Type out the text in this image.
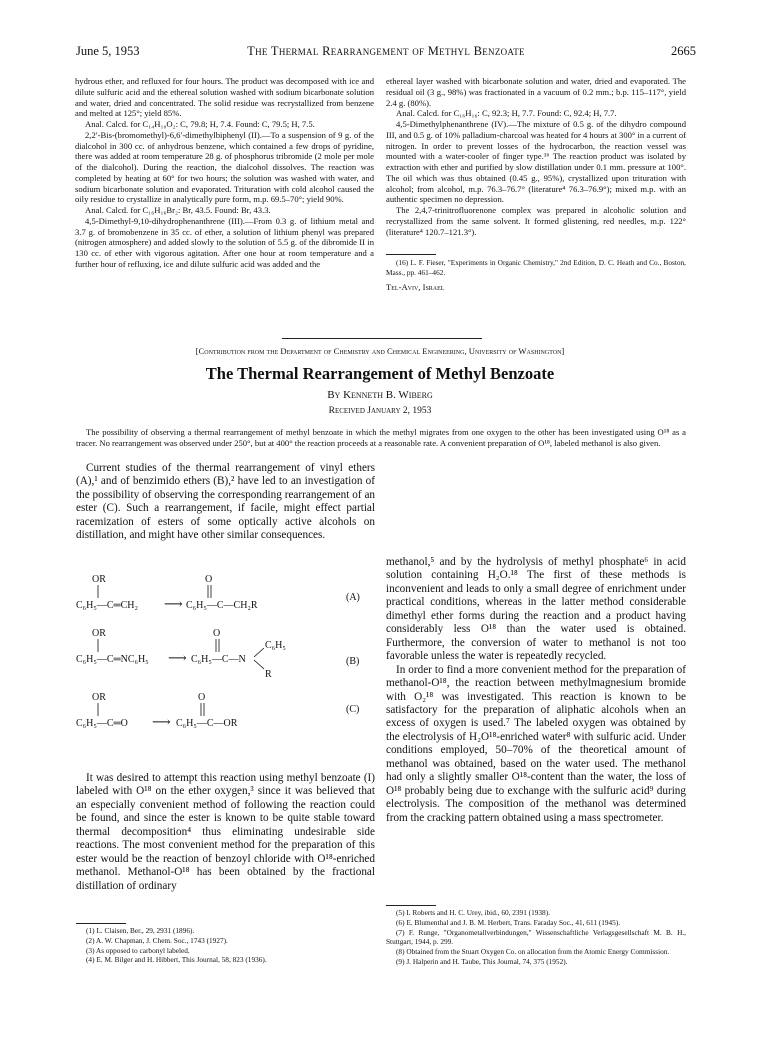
June 5, 1953	The Thermal Rearrangement of Methyl Benzoate	2665

hydrous ether, and refluxed for four hours. The product was decomposed with ice and dilute sulfuric acid and the ethereal solution washed with sodium bicarbonate solution and water, dried and concentrated. The solid residue was recrystallized from benzene and melted at 125°; yield 85%.

Anal. Calcd. for C₁₄H₁₀O₂: C, 79.8; H, 7.4. Found: C, 79.5; H, 7.5.

2,2′-Bis-(bromomethyl)-6,6′-dimethylbiphenyl (II).—To a suspension of 9 g. of the dialcohol in 300 cc. of anhydrous benzene, which contained a few drops of pyridine, there was added at room temperature 28 g. of phosphorus tribromide (2 mole per mole of the dialcohol). During the reaction, the dialcohol dissolves. The reaction was completed by heating at 60° for two hours; the solution was washed with water, and sodium bicarbonate solution and evaporated. Trituration with cold alcohol caused the oily residue to crystallize in analytically pure form, m.p. 69.5–70°; yield 90%.

Anal. Calcd. for C₁₆H₁₆Br₂: Br, 43.5. Found: Br, 43.3.

4,5-Dimethyl-9,10-dihydrophenanthrene (III).—From 0.3 g. of lithium metal and 3.7 g. of bromobenzene in 35 cc. of ether, a solution of lithium phenyl was prepared (nitrogen atmosphere) and added slowly to the solution of 5.5 g. of the dibromide II in 130 cc. of ether with vigorous agitation. After one hour at room temperature and a further hour of refluxing, ice and dilute sulfuric acid was added and the

ethereal layer washed with bicarbonate solution and water, dried and evaporated. The residual oil (3 g., 98%) was fractionated in a vacuum of 0.2 mm.; b.p. 115–117°, yield 2.4 g. (80%).

Anal. Calcd. for C₁₆H₁₆: C, 92.3; H, 7.7. Found: C, 92.4; H, 7.7.

4,5-Dimethylphenanthrene (IV).—The mixture of 0.5 g. of the dihydro compound III, and 0.5 g. of 10% palladium-charcoal was heated for 4 hours at 300° in a current of nitrogen. In order to prevent losses of the hydrocarbon, the reaction vessel was mounted with a water-cooler of finger type.¹⁶ The reaction product was isolated by extraction with ether and purified by slow distillation under 0.1 mm. pressure at 100°. The oil which was thus obtained (0.45 g., 95%), crystallized upon trituration with alcohol; from alcohol, m.p. 76.3–76.7° (literature⁴ 76.3–76.9°); mixed m.p. with an authentic specimen no depression.

The 2,4,7-trinitrofluorenone complex was prepared in alcoholic solution and recrystallized from the same solvent. It formed glistening, red needles, m.p. 122° (literature⁴ 120.7–121.3°).

(16) L. F. Fieser, "Experiments in Organic Chemistry," 2nd Edition, D. C. Heath and Co., Boston, Mass., pp. 461–462.

Tel-Aviv, Israel
[Contribution from the Department of Chemistry and Chemical Engineering, University of Washington]
The Thermal Rearrangement of Methyl Benzoate
By Kenneth B. Wiberg
Received January 2, 1953

The possibility of observing a thermal rearrangement of methyl benzoate in which the methyl migrates from one oxygen to the other has been investigated using O¹⁸ as a tracer. No rearrangement was observed under 250°, but at 400° the reaction proceeds at a reasonable rate. A convenient preparation of O¹⁸, labeled methanol is also given.

Current studies of the thermal rearrangement of vinyl ethers (A),¹ and of benzimido ethers (B),² have led to an investigation of the possibility of observing the corresponding rearrangement of an ester (C). Such a rearrangement, if facile, might effect partial racemization of esters of some optically active alcohols on distillation, and might have other similar consequences.

OR
C₆H₅—C═CH₂ ⟶
O
C₆H₅—C—CH₂R
(A)
OR
C₆H₅—C═NC₆H₅ ⟶
O
C₆H₅—C—N
C₆H₅
R
(B)
OR
C₆H₅—C═O ⟶
O
C₆H₅—C—OR
(C)

It was desired to attempt this reaction using methyl benzoate (I) labeled with O¹⁸ on the ether oxygen,³ since it was believed that an especially convenient method of following the reaction could be found, and since the ester is known to be quite stable toward thermal decomposition⁴ thus eliminating undesirable side reactions. The most convenient method for the preparation of this ester would be the reaction of benzoyl chloride with O¹⁸-enriched methanol. Methanol-O¹⁸ has been obtained by the fractional distillation of ordinary

(1) L. Claisen, Ber., 29, 2931 (1896).

(2) A. W. Chapman, J. Chem. Soc., 1743 (1927).

(3) As opposed to carbonyl labeled.

(4) E. M. Bilger and H. Hibbert, This Journal, 58, 823 (1936).

methanol,⁵ and by the hydrolysis of methyl phosphate⁶ in acid solution containing H₂O.¹⁸ The first of these methods is inconvenient and leads to only a small degree of enrichment under practical conditions, whereas in the latter method considerable dimethyl ether forms during the reaction and a product having considerably less O¹⁸ than the water used is obtained. Furthermore, the conversion of water to methanol is not too favorable unless the water is repeatedly recycled.

In order to find a more convenient method for the preparation of methanol-O¹⁸, the reaction between methylmagnesium bromide with O₂¹⁸ was investigated. This reaction is known to be satisfactory for the preparation of aliphatic alcohols when an excess of oxygen is used.⁷ The labeled oxygen was obtained by the electrolysis of H₂O¹⁸-enriched water⁸ with sulfuric acid. Under conditions employed, 50–70% of the theoretical amount of methanol was obtained, based on the water used. The methanol had only a slightly smaller O¹⁸-content than the water, the loss of O¹⁸ probably being due to exchange with the sulfuric acid⁹ during electrolysis. The composition of the methanol was determined from the cracking pattern obtained using a mass spectrometer.

(5) I. Roberts and H. C. Urey, ibid., 60, 2391 (1938).

(6) E. Blumenthal and J. B. M. Herbert, Trans. Faraday Soc., 41, 611 (1945).

(7) F. Runge, "Organometallverbindungen," Wissenschaftliche Verlagsgesellschaft M. B. H., Stuttgart, 1944, p. 299.

(8) Obtained from the Stuart Oxygen Co. on allocation from the Atomic Energy Commission.

(9) J. Halperin and H. Taube, This Journal, 74, 375 (1952).
